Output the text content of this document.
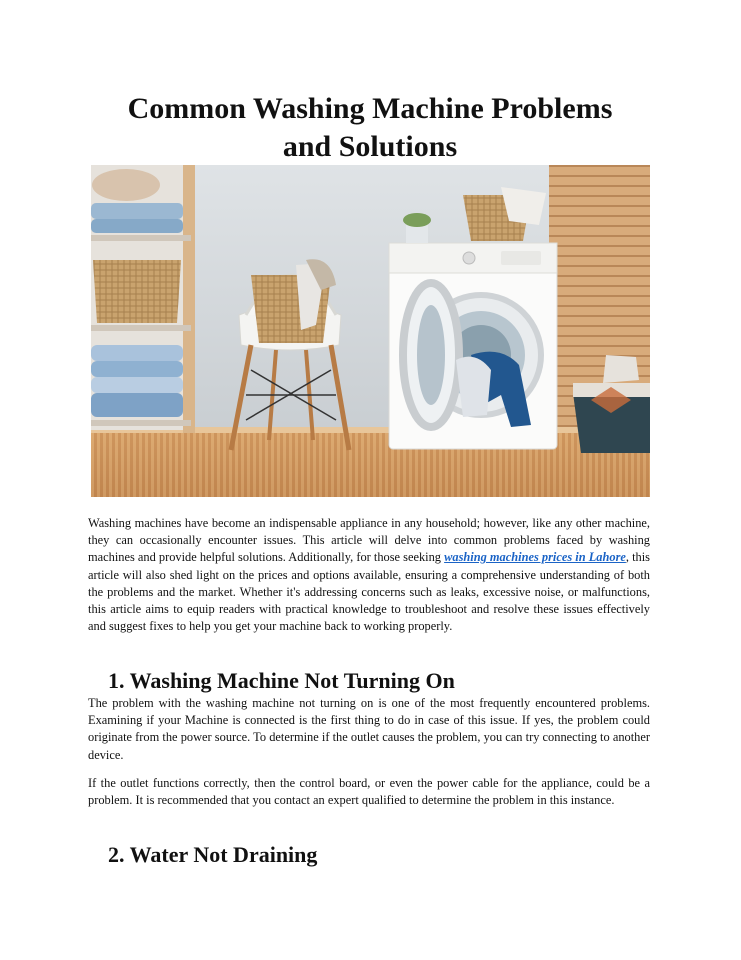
Common Washing Machine Problems
and Solutions

Washing machines have become an indispensable appliance in any household; however, like any other machine, they can occasionally encounter issues. This article will delve into common problems faced by washing machines and provide helpful solutions. Additionally, for those seeking washing machines prices in Lahore, this article will also shed light on the prices and options available, ensuring a comprehensive understanding of both the problems and the market. Whether it's addressing concerns such as leaks, excessive noise, or malfunctions, this article aims to equip readers with practical knowledge to troubleshoot and resolve these issues effectively and suggest fixes to help you get your machine back to working properly.

1. Washing Machine Not Turning On

The problem with the washing machine not turning on is one of the most frequently encountered problems. Examining if your Machine is connected is the first thing to do in case of this issue. If yes, the problem could originate from the power source. To determine if the outlet causes the problem, you can try connecting to another device.

If the outlet functions correctly, then the control board, or even the power cable for the appliance, could be a problem. It is recommended that you contact an expert qualified to determine the problem in this instance.

2. Water Not Draining
